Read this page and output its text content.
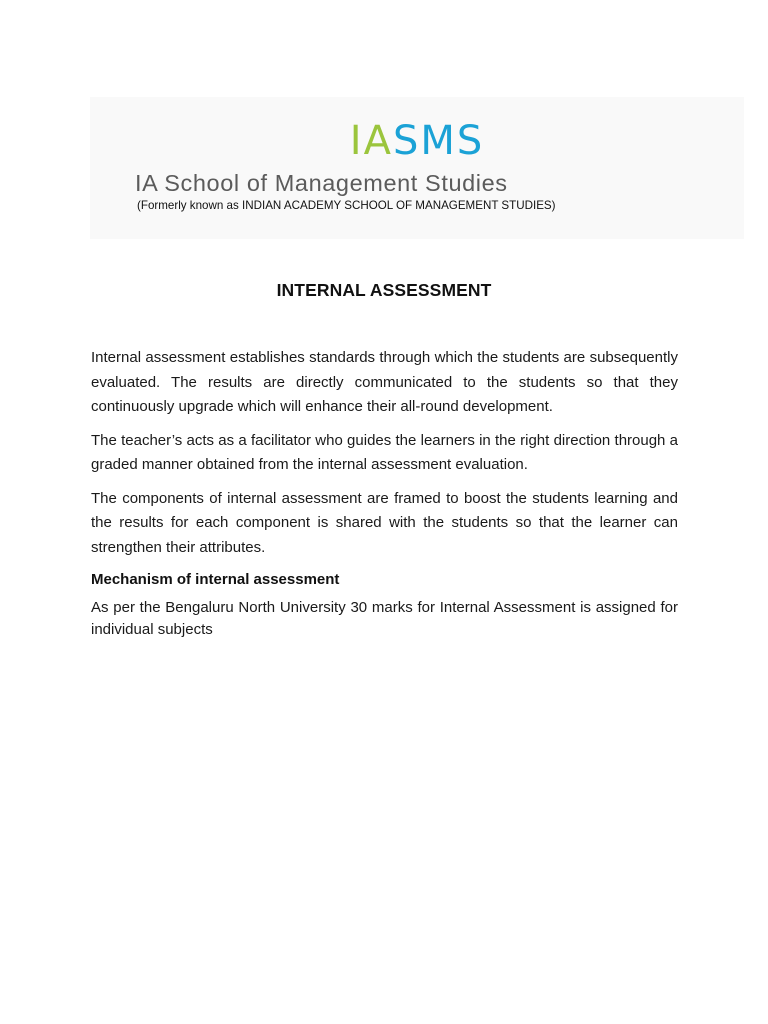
IASMS
IA School of Management Studies
(Formerly known as INDIAN ACADEMY SCHOOL OF MANAGEMENT STUDIES)
INTERNAL ASSESSMENT

Internal assessment establishes standards through which the students are subsequently evaluated. The results are directly communicated to the students so that they continuously upgrade which will enhance their all-round development.

The teacher’s acts as a facilitator who guides the learners in the right direction through a graded manner obtained from the internal assessment evaluation.

The components of internal assessment are framed to boost the students learning and the results for each component is shared with the students so that the learner can strengthen their attributes.

Mechanism of internal assessment

As per the Bengaluru North University 30 marks for Internal Assessment is assigned for individual subjects
